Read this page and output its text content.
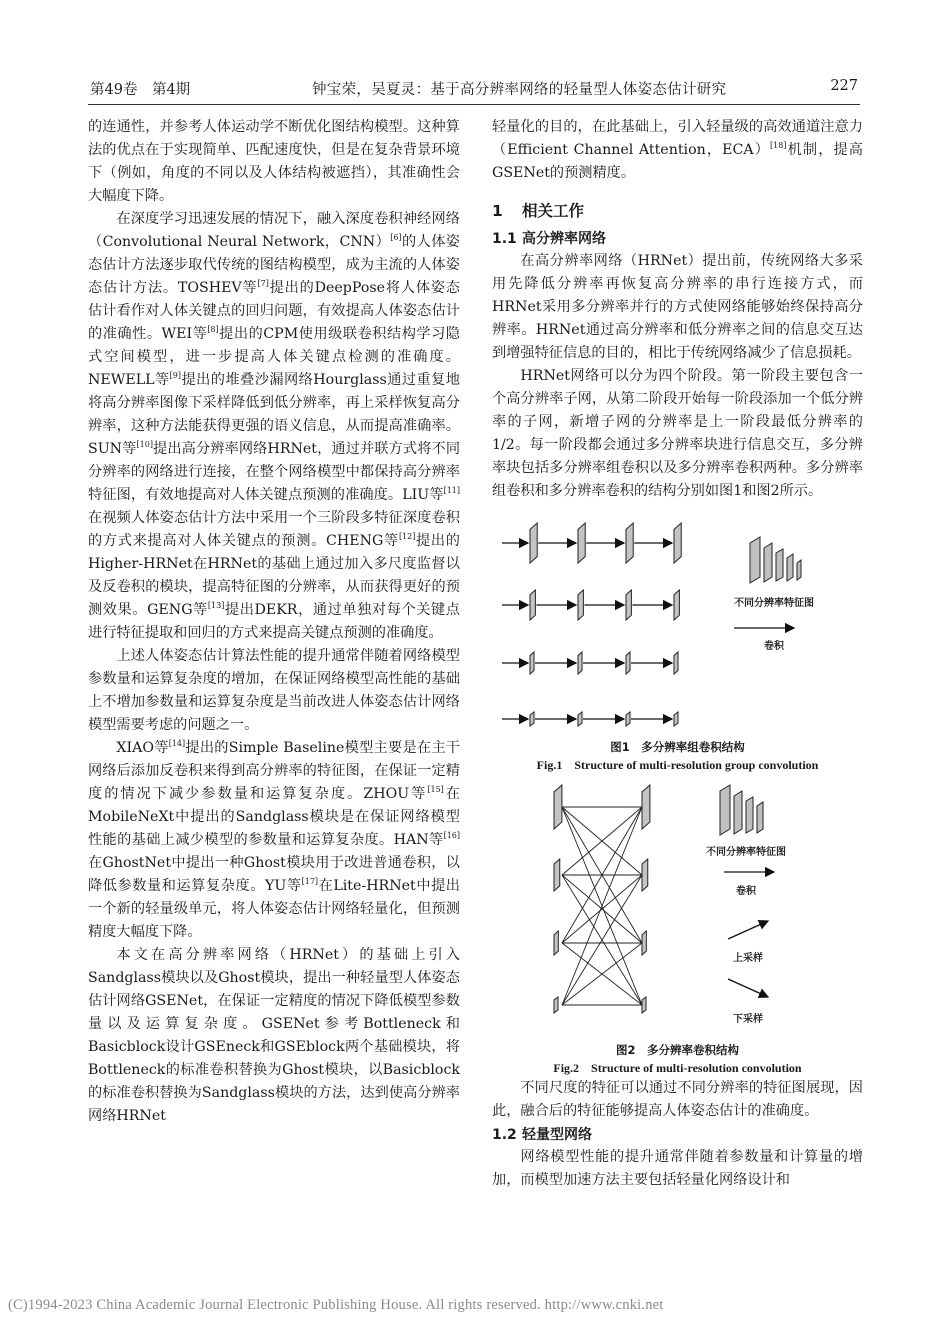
第49卷　第4期	钟宝荣，吴夏灵：基于高分辨率网络的轻量型人体姿态估计研究	227

的连通性，并参考人体运动学不断优化图结构模型。这种算法的优点在于实现简单、匹配速度快，但是在复杂背景环境下（例如，角度的不同以及人体结构被遮挡），其准确性会大幅度下降。

在深度学习迅速发展的情况下，融入深度卷积神经网络（Convolutional Neural Network，CNN）[6]的人体姿态估计方法逐步取代传统的图结构模型，成为主流的人体姿态估计方法。TOSHEV等[7]提出的DeepPose将人体姿态估计看作对人体关键点的回归问题，有效提高人体姿态估计的准确性。WEI等[8]提出的CPM使用级联卷积结构学习隐式空间模型，进一步提高人体关键点检测的准确度。NEWELL等[9]提出的堆叠沙漏网络Hourglass通过重复地将高分辨率图像下采样降低到低分辨率，再上采样恢复高分辨率，这种方法能获得更强的语义信息，从而提高准确率。SUN等[10]提出高分辨率网络HRNet，通过并联方式将不同分辨率的网络进行连接，在整个网络模型中都保持高分辨率特征图，有效地提高对人体关键点预测的准确度。LIU等[11]在视频人体姿态估计方法中采用一个三阶段多特征深度卷积的方式来提高对人体关键点的预测。CHENG等[12]提出的Higher-HRNet在HRNet的基础上通过加入多尺度监督以及反卷积的模块，提高特征图的分辨率，从而获得更好的预测效果。GENG等[13]提出DEKR，通过单独对每个关键点进行特征提取和回归的方式来提高关键点预测的准确度。

上述人体姿态估计算法性能的提升通常伴随着网络模型参数量和运算复杂度的增加，在保证网络模型高性能的基础上不增加参数量和运算复杂度是当前改进人体姿态估计网络模型需要考虑的问题之一。

XIAO等[14]提出的Simple Baseline模型主要是在主干网络后添加反卷积来得到高分辨率的特征图，在保证一定精度的情况下减少参数量和运算复杂度。ZHOU等[15]在MobileNeXt中提出的Sandglass模块是在保证网络模型性能的基础上减少模型的参数量和运算复杂度。HAN等[16]在GhostNet中提出一种Ghost模块用于改进普通卷积，以降低参数量和运算复杂度。YU等[17]在Lite-HRNet中提出一个新的轻量级单元，将人体姿态估计网络轻量化，但预测精度大幅度下降。

本文在高分辨率网络（HRNet）的基础上引入Sandglass模块以及Ghost模块，提出一种轻量型人体姿态估计网络GSENet，在保证一定精度的情况下降低模型参数量以及运算复杂度。GSENet参考Bottleneck和Basicblock设计GSEneck和GSEblock两个基础模块，将Bottleneck的标准卷积替换为Ghost模块，以Basicblock的标准卷积替换为Sandglass模块的方法，达到使高分辨率网络HRNet

轻量化的目的，在此基础上，引入轻量级的高效通道注意力（Efficient Channel Attention，ECA）[18]机制，提高GSENet的预测精度。

1 相关工作
1.1 高分辨率网络

在高分辨率网络（HRNet）提出前，传统网络大多采用先降低分辨率再恢复高分辨率的串行连接方式，而HRNet采用多分辨率并行的方式使网络能够始终保持高分辨率。HRNet通过高分辨率和低分辨率之间的信息交互达到增强特征信息的目的，相比于传统网络减少了信息损耗。

HRNet网络可以分为四个阶段。第一阶段主要包含一个高分辨率子网，从第二阶段开始每一阶段添加一个低分辨率的子网，新增子网的分辨率是上一阶段最低分辨率的1/2。每一阶段都会通过多分辨率块进行信息交互，多分辨率块包括多分辨率组卷积以及多分辨率卷积两种。多分辨率组卷积和多分辨率卷积的结构分别如图1和图2所示。

不同分辨率特征图
卷积
图1　多分辨率组卷积结构
Fig.1　Structure of multi-resolution group convolution
不同分辨率特征图
卷积
上采样
下采样
图2　多分辨率卷积结构
Fig.2　Structure of multi-resolution convolution

不同尺度的特征可以通过不同分辨率的特征图展现，因此，融合后的特征能够提高人体姿态估计的准确度。

1.2 轻量型网络

网络模型性能的提升通常伴随着参数量和计算量的增加，而模型加速方法主要包括轻量化网络设计和

(C)1994-2023 China Academic Journal Electronic Publishing House. All rights reserved. http://www.cnki.net
